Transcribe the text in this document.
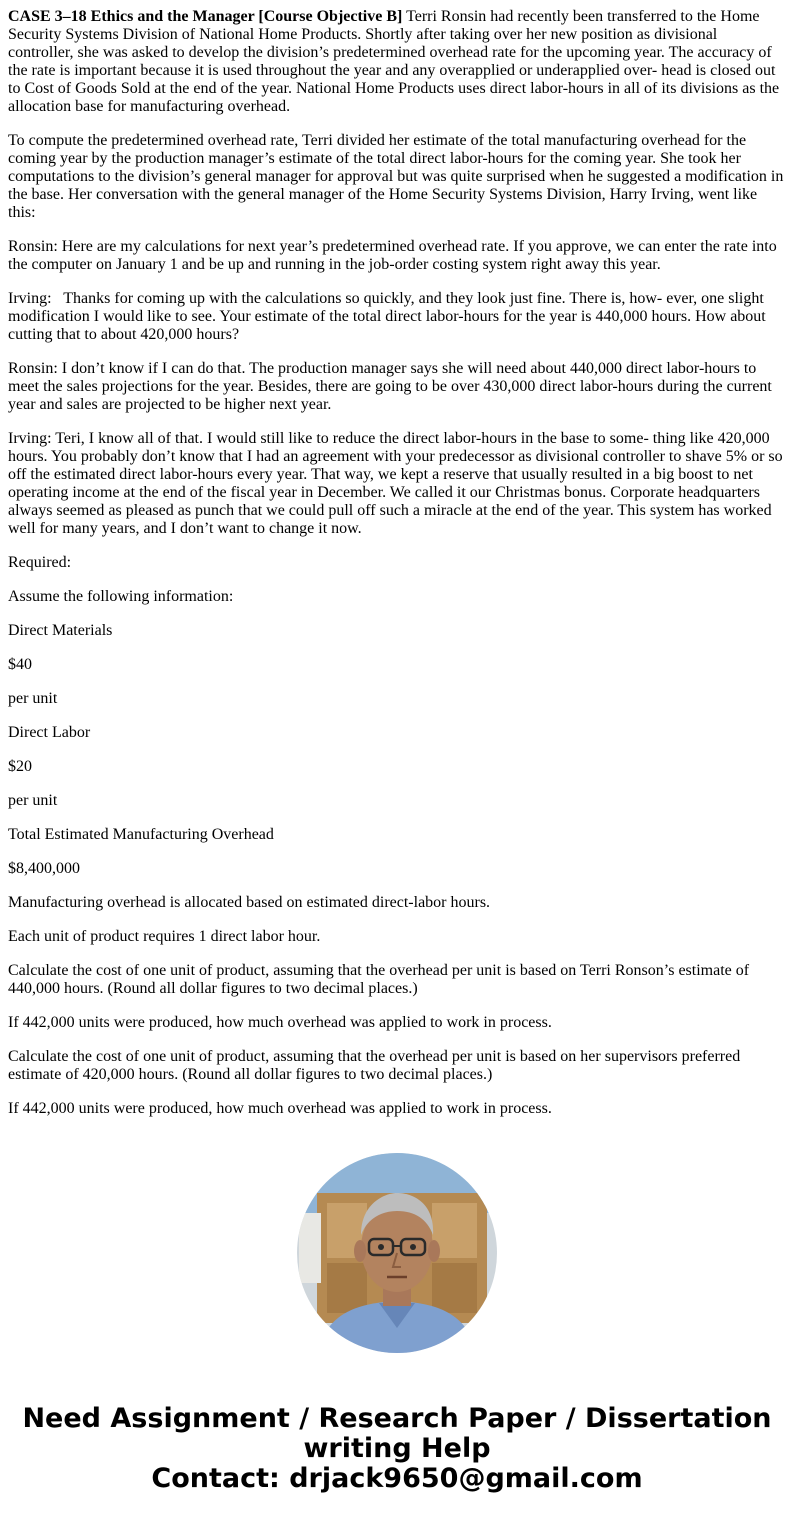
CASE 3–18 Ethics and the Manager [Course Objective B] Terri Ronsin had recently been transferred to the Home Security Systems Division of National Home Products. Shortly after taking over her new position as divisional controller, she was asked to develop the division’s predetermined overhead rate for the upcoming year. The accuracy of the rate is important because it is used throughout the year and any overapplied or underapplied over- head is closed out to Cost of Goods Sold at the end of the year. National Home Products uses direct labor-hours in all of its divisions as the allocation base for manufacturing overhead.

To compute the predetermined overhead rate, Terri divided her estimate of the total manufacturing overhead for the coming year by the production manager’s estimate of the total direct labor-hours for the coming year. She took her computations to the division’s general manager for approval but was quite surprised when he suggested a modification in the base. Her conversation with the general manager of the Home Security Systems Division, Harry Irving, went like this:

Ronsin: Here are my calculations for next year’s predetermined overhead rate. If you approve, we can enter the rate into the computer on January 1 and be up and running in the job-order costing system right away this year.

Irving:   Thanks for coming up with the calculations so quickly, and they look just fine. There is, how- ever, one slight modification I would like to see. Your estimate of the total direct labor-hours for the year is 440,000 hours. How about cutting that to about 420,000 hours?

Ronsin: I don’t know if I can do that. The production manager says she will need about 440,000 direct labor-hours to meet the sales projections for the year. Besides, there are going to be over 430,000 direct labor-hours during the current year and sales are projected to be higher next year.

Irving: Teri, I know all of that. I would still like to reduce the direct labor-hours in the base to some- thing like 420,000 hours. You probably don’t know that I had an agreement with your predecessor as divisional controller to shave 5% or so off the estimated direct labor-hours every year. That way, we kept a reserve that usually resulted in a big boost to net operating income at the end of the fiscal year in December. We called it our Christmas bonus. Corporate headquarters always seemed as pleased as punch that we could pull off such a miracle at the end of the year. This system has worked well for many years, and I don’t want to change it now.

Required:

Assume the following information:

Direct Materials

$40

per unit

Direct Labor

$20

per unit

Total Estimated Manufacturing Overhead

$8,400,000

Manufacturing overhead is allocated based on estimated direct-labor hours.

Each unit of product requires 1 direct labor hour.

Calculate the cost of one unit of product, assuming that the overhead per unit is based on Terri Ronson’s estimate of 440,000 hours. (Round all dollar figures to two decimal places.)

If 442,000 units were produced, how much overhead was applied to work in process.

Calculate the cost of one unit of product, assuming that the overhead per unit is based on her supervisors preferred estimate of 420,000 hours. (Round all dollar figures to two decimal places.)

If 442,000 units were produced, how much overhead was applied to work in process.

Need Assignment / Research Paper / Dissertation
writing Help
Contact: drjack9650@gmail.com
